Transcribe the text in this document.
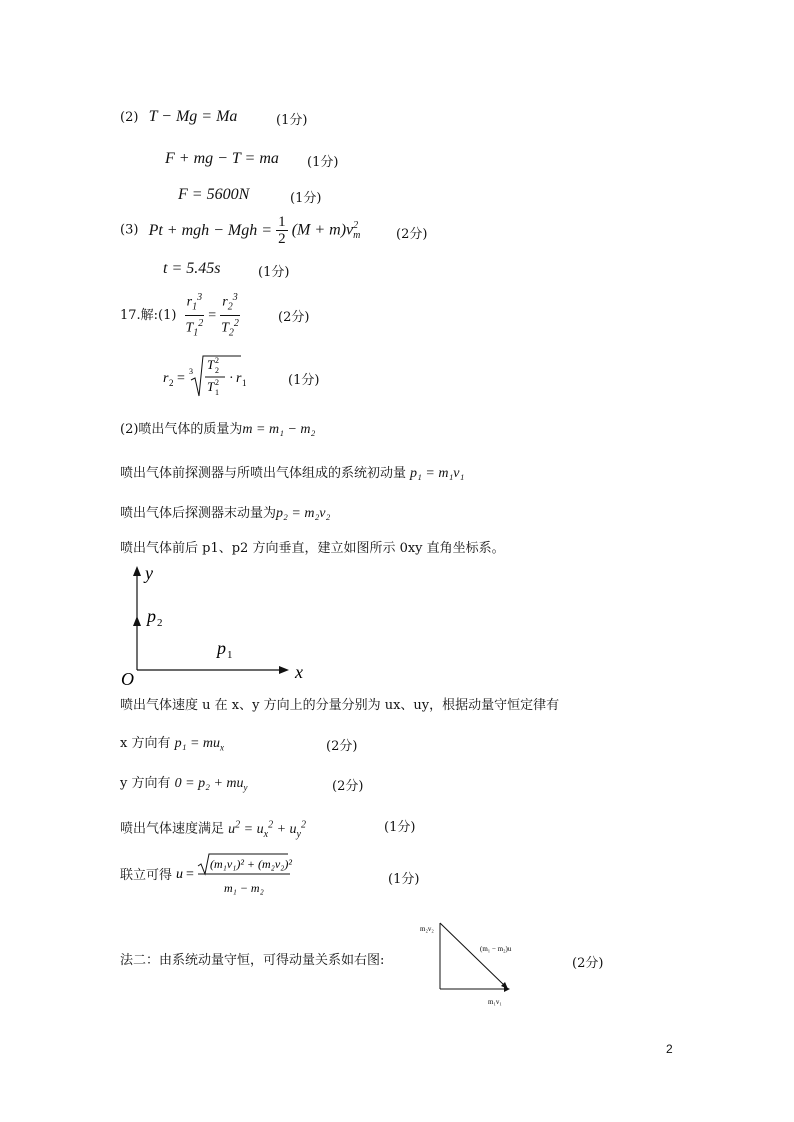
(2) T − Mg = Ma	(1分)
F + mg − T = ma (1分)
F = 5600N	(1分)
(3) Pt + mgh − Mgh = $\frac{1}{2} (M + m)v2$
m	(2分)
t = 5.45s	(1分)
17.解:(1) $\frac{r_1^3}{T_1^2} = \frac{r_2^3}{T_2^2}$	(2分)
r 2 = 3 T 2
2
T 2
1
· r 1	(1分)
(2)喷出气体的质量为m = m₁ − m₂
喷出气体前探测器与所喷出气体组成的系统初动量 p₁ = m₁v₁
喷出气体后探测器末动量为p₂ = m₂v₂
喷出气体前后 p1、p2 方向垂直，建立如图所示 0xy 直角坐标系。
y
x
O
p 2
p 1
喷出气体速度 u 在 x、y 方向上的分量分别为 ux、uy，根据动量守恒定律有
x 方向有 $p_1 = mu_x$	(2分)
y 方向有 $0 = p_2 + mu_y$	(2分)
喷出气体速度满足 $u^2 = u_x^2 + u_y^2$	(1分)
联立可得 u =
(m₁v₁)² + (m₂v₂)²
m₁ − m₂
(1分)
法二：由系统动量守恒，可得动量关系如右图:	(2分)
m₂v₂
(m₁ − m₂)u
m₁v₁
2
